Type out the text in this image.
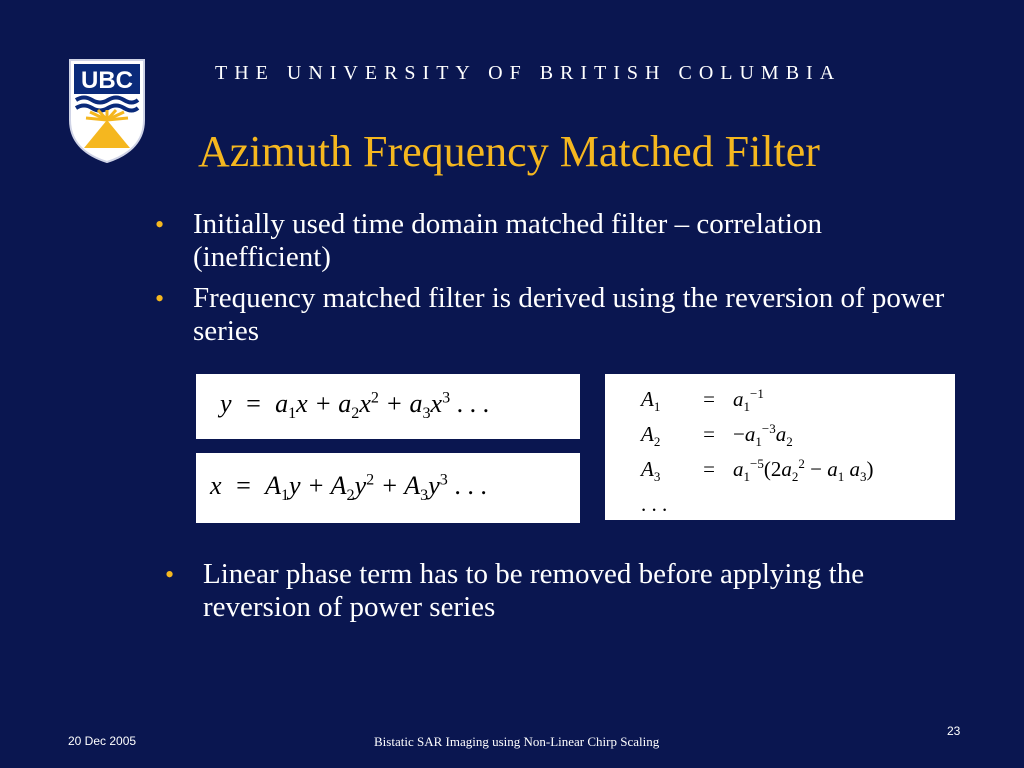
UBC	THE UNIVERSITY OF BRITISH COLUMBIA
Azimuth Frequency Matched Filter
• Initially used time domain matched filter – correlation (inefficient)
• Frequency matched filter is derived using the reversion of power series
$y = a_1x + a_2x^2 + a_3x^3$ . . .
$x = A_1y + A_2y^2 + A_3y^3$ . . .
$A_1$	=	$a_1^{-1}$
$A_2$	=	$-a_1^{-3}a_2$
$A_3$	=	$a_1^{-5}(2a_2^2 - a_1$ $a_3$)
. . .		
• Linear phase term has to be removed before applying the reversion of power series
20 Dec 2005	Bistatic SAR Imaging using Non-Linear Chirp Scaling
23
